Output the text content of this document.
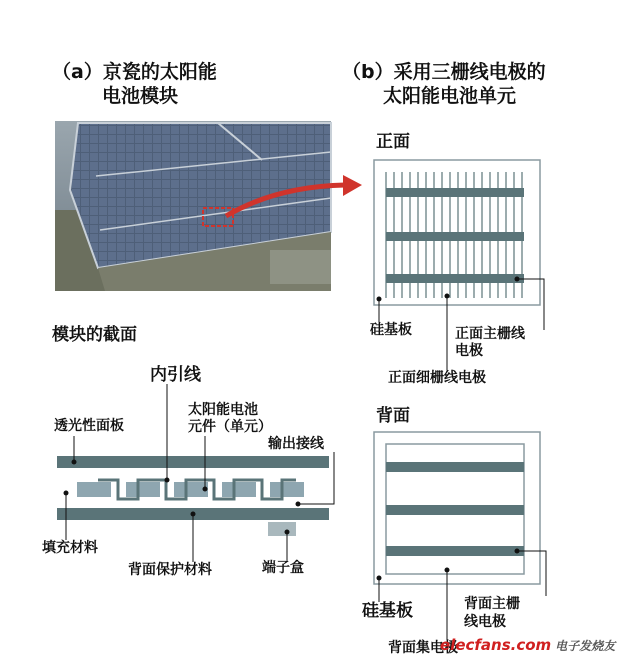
（a）京瓷的太阳能
电池模块
（b）采用三栅线电极的
太阳能电池单元
正面
硅基板	正面主栅线
电极
正面细栅线电极
背面
硅基板	背面主栅
线电极
背面集电极
模块的截面
内引线
太阳能电池
元件（单元）
输出接线
透光性面板
填充材料
背面保护材料	端子盒
elecfans.com 电子发烧友
